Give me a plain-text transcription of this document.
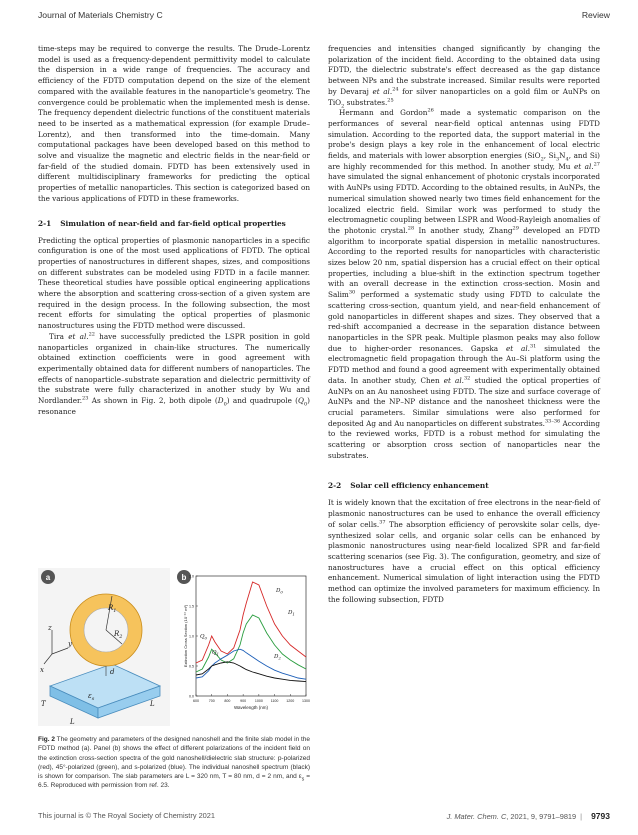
Journal of Materials Chemistry C	Review

time-steps may be required to converge the results. The Drude–Lorentz model is used as a frequency-dependent permittivity model to calculate the dispersion in a wide range of frequencies. The accuracy and efficiency of the FDTD computation depend on the size of the element compared with the available features in the nanoparticle's geometry. The convergence could be problematic when the implemented mesh is dense. The frequency dependent dielectric functions of the constituent materials need to be inserted as a mathematical expression (for example Drude–Lorentz), and then transformed into the time-domain. Many computational packages have been developed based on this method to solve and visualize the magnetic and electric fields in the near-field or far-field of the studied domain. FDTD has been extensively used in different multidisciplinary frameworks for predicting the optical properties of metallic nanoparticles. This section is categorized based on the various applications of FDTD in these frameworks.

2-1 Simulation of near-field and far-field optical properties

Predicting the optical properties of plasmonic nanoparticles in a specific configuration is one of the most used applications of FDTD. The optical properties of nanostructures in different shapes, sizes, and compositions on different substrates can be modeled using FDTD in a facile manner. These theoretical studies have possible optical engineering applications where the absorption and scattering cross-section of a given system are required in the design process. In the following subsection, the most recent efforts for simulating the optical properties of plasmonic nanostructures using the FDTD method were discussed.

Tira et al.$^{22}$ have successfully predicted the LSPR position in gold nanoparticles organized in chain-like structures. The numerically obtained extinction coefficients were in good agreement with experimentally obtained data for different numbers of nanoparticles. The effects of nanoparticle–substrate separation and dielectric permittivity of the substrate were fully characterized in another study by Wu and Nordlander.$^{23}$ As shown in Fig. 2, both dipole $(D_0)$ and quadrupole $(Q_0)$ resonance

a
$R_1$
$R_2$
d
z
y
x
T
$\varepsilon_s$
L
L
b
600	700	800	900 1000 1100 1200 1300
0.0
0.5
1.0
1.5
2.0
Wavelength (nm)
Extinction Cross Section (10⁻¹⁰ m²) $Q_0$
$D_0$
$Q_1$
$D_1$
$D_2$
Fig. 2 The geometry and parameters of the designed nanoshell and the finite slab model in the FDTD method (a). Panel (b) shows the effect of different polarizations of the incident field on the extinction cross-section spectra of the gold nanoshell/dielectric slab structure: p-polarized (red), 45°-polarized (green), and s-polarized (blue). The individual nanoshell spectrum (black) is shown for comparison. The slab parameters are L = 320 nm, T = 80 nm, d = 2 nm, and $\varepsilon_s = 6.5$. Reproduced with permission from ref. 23.

frequencies and intensities changed significantly by changing the polarization of the incident field. According to the obtained data using FDTD, the dielectric substrate's effect decreased as the gap distance between NPs and the substrate increased. Similar results were reported by Devaraj et al.$^{24}$ for silver nanoparticles on a gold film or AuNPs on TiO$_2$ substrates.$^{25}$

Hermann and Gordon$^{26}$ made a systematic comparison on the performances of several near-field optical antennas using FDTD simulation. According to the reported data, the support material in the probe's design plays a key role in the enhancement of local electric fields, and materials with lower absorption energies (SiO$_2$, $Si_3N_4$, and Si) are highly recommended for this method. In another study, Mu et al.$^{27}$ have simulated the signal enhancement of photonic crystals incorporated with AuNPs using FDTD. According to the obtained results, in AuNPs, the numerical simulation showed nearly two times field enhancement for the localized electric field. Similar work was performed to study the electromagnetic coupling between LSPR and Wood-Rayleigh anomalies of the photonic crystal.$^{28}$ In another study, Zhang$^{29}$ developed an FDTD algorithm to incorporate spatial dispersion in metallic nanostructures. According to the reported results for nanoparticles with characteristic sizes below 20 nm, spatial dispersion has a crucial effect on their optical properties, including a blue-shift in the extinction spectrum together with an overall decrease in the extinction cross-section. Mosin and Salim$^{30}$ performed a systematic study using FDTD to calculate the scattering cross-section, quantum yield, and near-field enhancement of gold nanoparticles in different shapes and sizes. They observed that a red-shift accompanied a decrease in the separation distance between nanoparticles in the SPR peak. Multiple plasmon peaks may also follow due to higher-order resonances. Gapska et al.$^{31}$ simulated the electromagnetic field propagation through the Au–Si platform using the FDTD method and found a good agreement with experimentally obtained data. In another study, Chen et al.$^{32}$ studied the optical properties of AuNPs on an Au nanosheet using FDTD. The size and surface coverage of AuNPs and the NP–NP distance and the nanosheet thickness were the crucial parameters. Similar simulations were also performed for deposited Ag and Au nanoparticles on different substrates.$^{33-36}$ According to the reviewed works, FDTD is a robust method for simulating the scattering or absorption cross section of nanoparticles near the substrates.

2-2 Solar cell efficiency enhancement

It is widely known that the excitation of free electrons in the near-field of plasmonic nanostructures can be used to enhance the overall efficiency of solar cells.$^{37}$ The absorption efficiency of perovskite solar cells, dye-synthesized solar cells, and organic solar cells can be enhanced by plasmonic nanostructures using near-field localized SPR and far-field scattering scenarios (see Fig. 3). The configuration, geometry, and size of nanostructures have a crucial effect on this optical efficiency enhancement. Numerical simulation of light interaction using the FDTD method can optimize the involved parameters for maximum efficiency. In the following subsection, FDTD

This journal is © The Royal Society of Chemistry 2021	J. Mater. Chem. C, 2021, 9, 9791–9819 | 9793
